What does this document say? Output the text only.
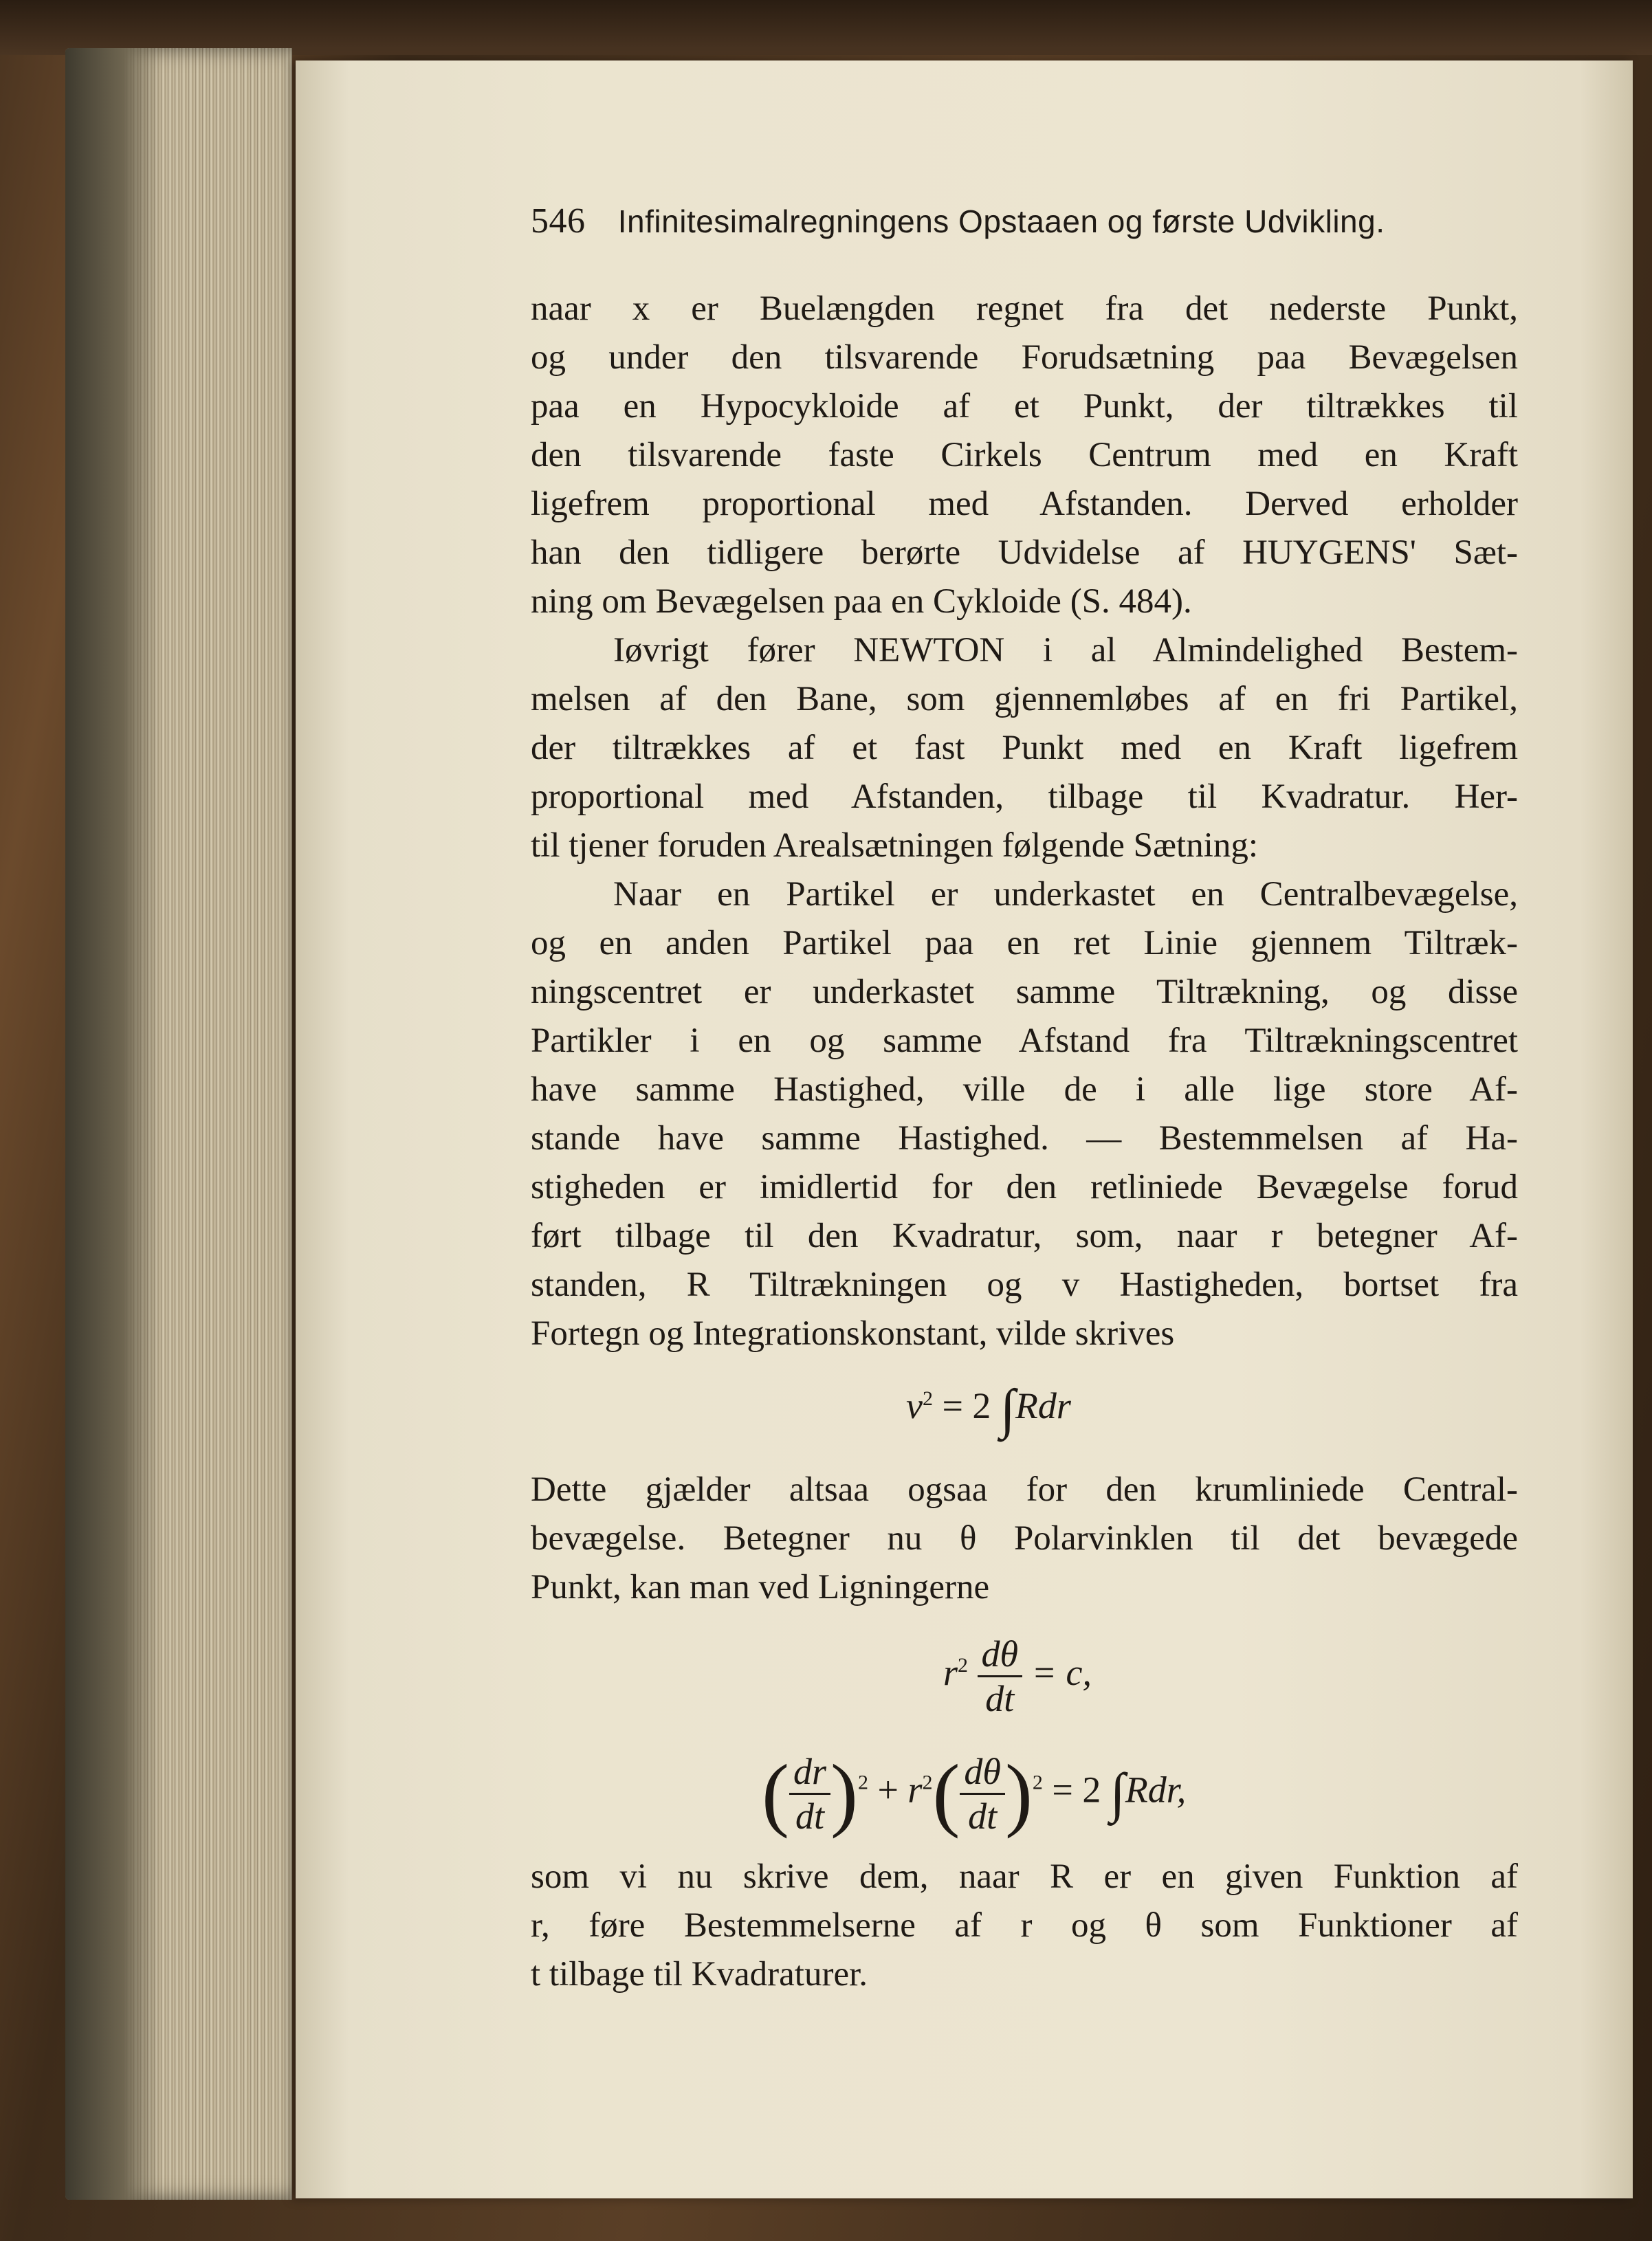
546 Infinitesimalregningens Opstaaen og første Udvikling.
naar x er Buelængden regnet fra det nederste Punkt,
og under den tilsvarende Forudsætning paa Bevægelsen
paa en Hypocykloide af et Punkt, der tiltrækkes til
den tilsvarende faste Cirkels Centrum med en Kraft
ligefrem proportional med Afstanden. Derved erholder
han den tidligere berørte Udvidelse af HUYGENS' Sæt-
ning om Bevægelsen paa en Cykloide (S. 484).
Iøvrigt fører NEWTON i al Almindelighed Bestem-
melsen af den Bane, som gjennemløbes af en fri Partikel,
der tiltrækkes af et fast Punkt med en Kraft ligefrem
proportional med Afstanden, tilbage til Kvadratur. Her-
til tjener foruden Arealsætningen følgende Sætning:
Naar en Partikel er underkastet en Centralbevægelse,
og en anden Partikel paa en ret Linie gjennem Tiltræk-
ningscentret er underkastet samme Tiltrækning, og disse
Partikler i en og samme Afstand fra Tiltrækningscentret
have samme Hastighed, ville de i alle lige store Af-
stande have samme Hastighed. — Bestemmelsen af Ha-
stigheden er imidlertid for den retliniede Bevægelse forud
ført tilbage til den Kvadratur, som, naar r betegner Af-
standen, R Tiltrækningen og v Hastigheden, bortset fra
Fortegn og Integrationskonstant, vilde skrives
$v^2 = 2$ ∫Rdr
Dette gjælder altsaa ogsaa for den krumliniede Central-
bevægelse. Betegner nu θ Polarvinklen til det bevægede
Punkt, kan man ved Ligningerne
$r^2 \frac{d\theta}{dt} = c$,
( $\frac{dr}{dt} )^2 + r^2( \frac{d\theta}{dt} )^2 = 2$ ∫Rdr,
som vi nu skrive dem, naar R er en given Funktion af
r, føre Bestemmelserne af r og θ som Funktioner af
t tilbage til Kvadraturer.
